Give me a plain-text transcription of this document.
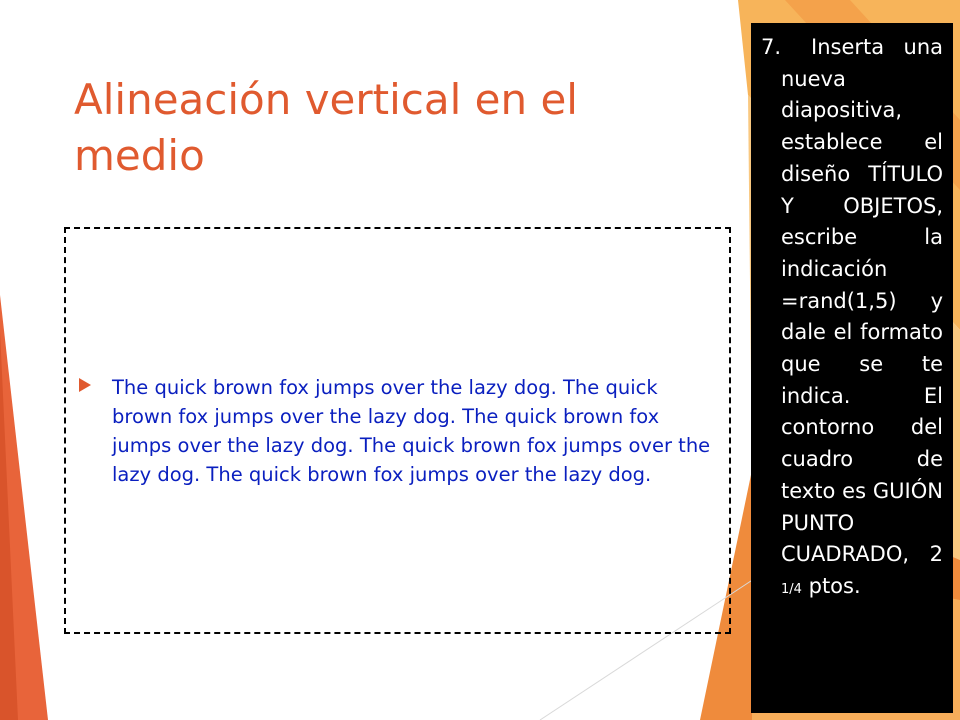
Alineación vertical en el medio

The quick brown fox jumps over the lazy dog. The quick brown fox jumps over the lazy dog. The quick brown fox jumps over the lazy dog. The quick brown fox jumps over the lazy dog. The quick brown fox jumps over the lazy dog.

7.	Inserta una nueva diapositiva, establece el diseño TÍTULO Y OBJETOS, escribe la indicación =rand(1,5) y dale el formato que se te indica. El contorno del cuadro de texto es GUIÓN PUNTO CUADRADO, 2 1/4 ptos.
